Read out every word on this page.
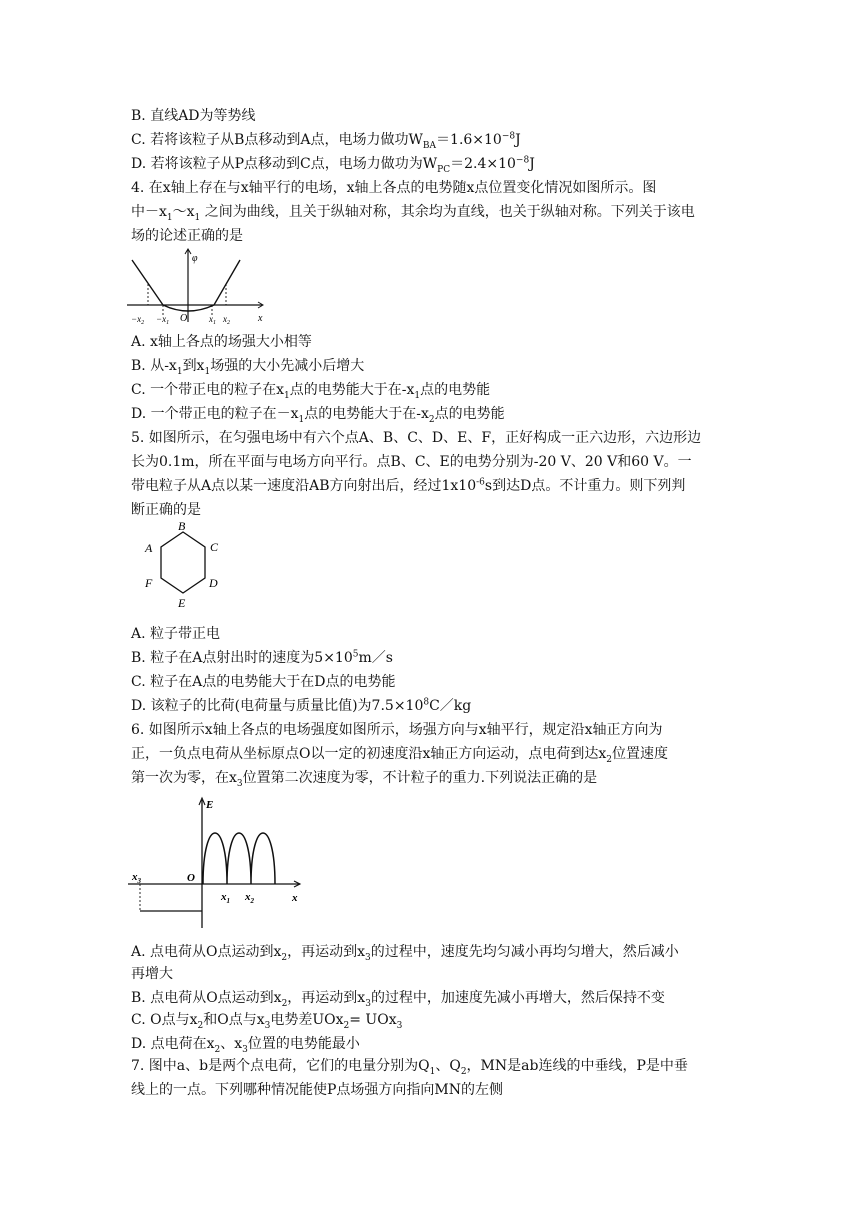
B. 直线AD为等势线
C. 若将该粒子从B点移动到A点，电场力做功$W_{BA}=1.6\times 10^{-8}J$
D. 若将该粒子从P点移动到C点，电场力做功为$W_{PC}=2.4\times 10^{-8}J$
4. 在x轴上存在与x轴平行的电场，x轴上各点的电势随x点位置变化情况如图所示。图
中$-x_1\sim x_1$ 之间为曲线，且关于纵轴对称，其余均为直线，也关于纵轴对称。下列关于该电
场的论述正确的是
φ
x
O
$-x_2 -x_1$	$x_1$ $x_2$
A. x轴上各点的场强大小相等
B. 从$-x_1$到$x_1$场强的大小先减小后增大
C. 一个带正电的粒子在$x_1$点的电势能大于在$-x_1$点的电势能
D. 一个带正电的粒子在$-x_1$点的电势能大于在$-x_2$点的电势能
5. 如图所示，在匀强电场中有六个点A、B、C、D、E、F，正好构成一正六边形，六边形边
长为0.1m，所在平面与电场方向平行。点B、C、E的电势分别为-20 V、20 V和60 V。一
带电粒子从A点以某一速度沿AB方向射出后，经过$1x10^{-6}s$到达D点。不计重力。则下列判
断正确的是
B
C
D
E
F
A
A. 粒子带正电
B. 粒子在A点射出时的速度为$5\times 10^5m/s$
C. 粒子在A点的电势能大于在D点的电势能
D. 该粒子的比荷(电荷量与质量比值)为$7.5\times 10^8C/kg$
6. 如图所示x轴上各点的电场强度如图所示，场强方向与x轴平行，规定沿x轴正方向为
正，一负点电荷从坐标原点O以一定的初速度沿x轴正方向运动，点电荷到达$x_2$位置速度
第一次为零，在$x_3$位置第二次速度为零，不计粒子的重力.下列说法正确的是
E
O
x
$x_1$ $x_2$
$x_3$
A. 点电荷从O点运动到$x_2$，再运动到$x_3$的过程中，速度先均匀减小再均匀增大，然后减小
再增大
B. 点电荷从O点运动到$x_2$，再运动到$x_3$的过程中，加速度先减小再增大，然后保持不变
C. O点与$x_2$和O点与$x_3$电势差UOx$_2$= UOx$_3$
D. 点电荷在$x_2$、$x_3$位置的电势能最小
7. 图中a、b是两个点电荷，它们的电量分别为$Q_1$、$Q_2$，MN是ab连线的中垂线，P是中垂
线上的一点。下列哪种情况能使P点场强方向指向MN的左侧
